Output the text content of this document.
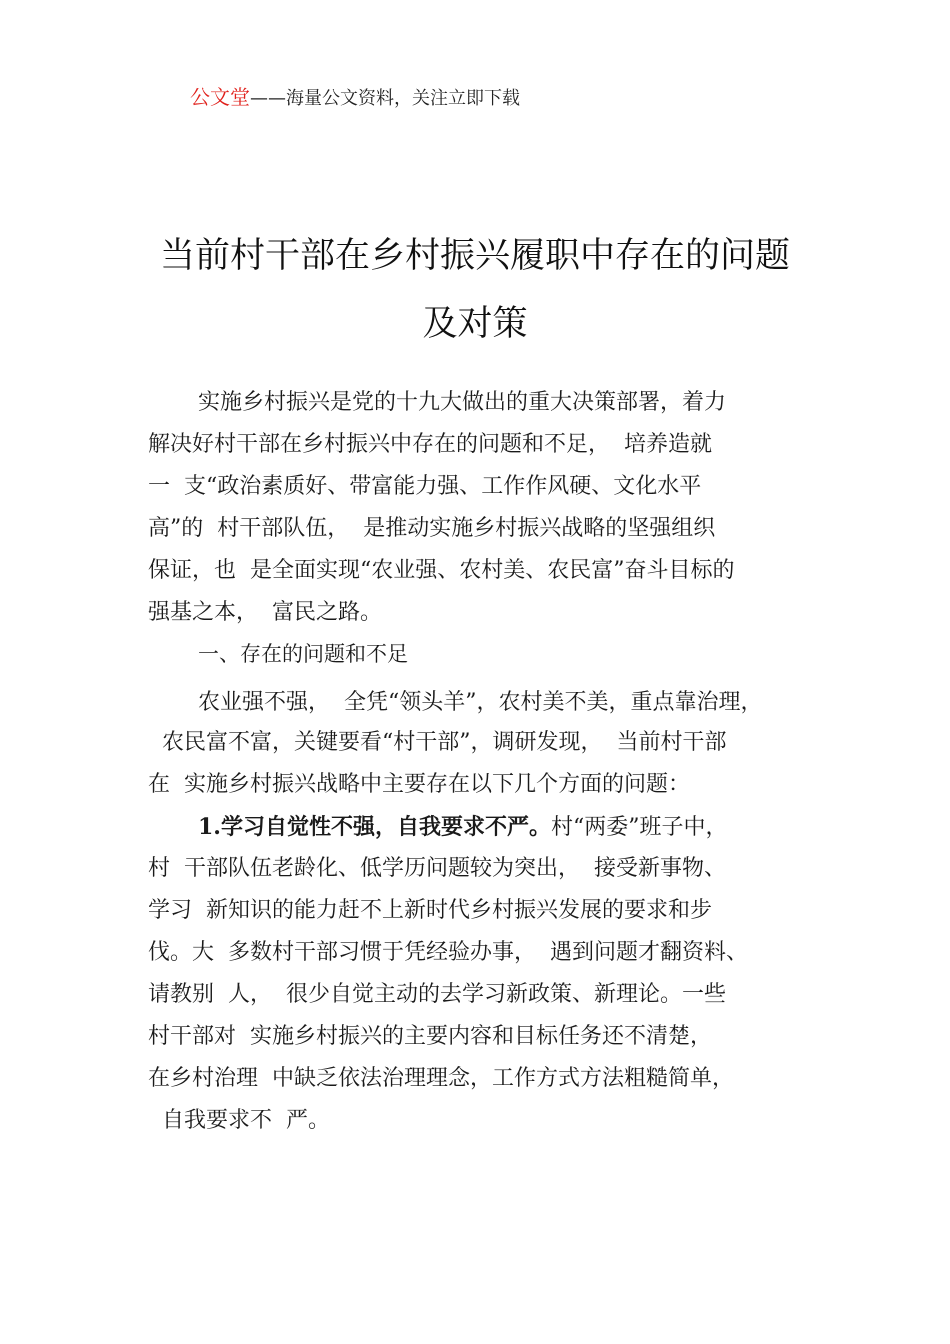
公文堂——海量公文资料，关注立即下载
当前村干部在乡村振兴履职中存在的问题
及对策
实施乡村振兴是党的十九大做出的重大决策部署，着力
解决好村干部在乡村振兴中存在的问题和不足，  培养造就
一  支“政治素质好、带富能力强、工作作风硬、文化水平
高”的  村干部队伍，  是推动实施乡村振兴战略的坚强组织
保证，也  是全面实现“农业强、农村美、农民富”奋斗目标的
强基之本，  富民之路。
一、存在的问题和不足
农业强不强，  全凭“领头羊”，农村美不美，重点靠治理，
农民富不富，关键要看“村干部”，调研发现，  当前村干部
在  实施乡村振兴战略中主要存在以下几个方面的问题：
1.学习自觉性不强，自我要求不严。村“两委”班子中，
村  干部队伍老龄化、低学历问题较为突出，  接受新事物、
学习  新知识的能力赶不上新时代乡村振兴发展的要求和步
伐。大  多数村干部习惯于凭经验办事，  遇到问题才翻资料、
请教别  人，  很少自觉主动的去学习新政策、新理论。一些
村干部对  实施乡村振兴的主要内容和目标任务还不清楚，
在乡村治理  中缺乏依法治理理念，工作方式方法粗糙简单，
自我要求不  严。
